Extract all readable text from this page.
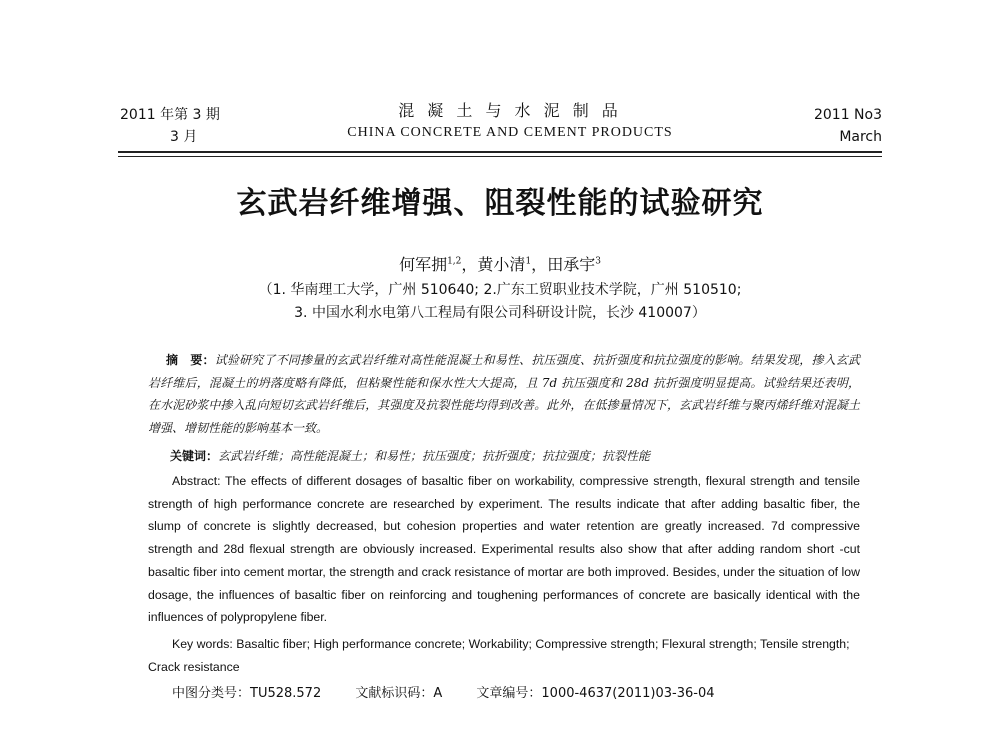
2011 年第 3 期
3 月
混 凝 土 与 水 泥 制 品
CHINA CONCRETE AND CEMENT PRODUCTS
2011 No3
March
玄武岩纤维增强、阻裂性能的试验研究
何军拥$^{1,2}$，黄小清$^1$，田承宇$^3$
（1. 华南理工大学，广州 510640; 2.广东工贸职业技术学院，广州 510510;
3. 中国水利水电第八工程局有限公司科研设计院，长沙 410007）
摘　要：试验研究了不同掺量的玄武岩纤维对高性能混凝土和易性、抗压强度、抗折强度和抗拉强度的影响。结果发现，掺入玄武岩纤维后，混凝土的坍落度略有降低，但粘聚性能和保水性大大提高，且 7d 抗压强度和 28d 抗折强度明显提高。试验结果还表明，在水泥砂浆中掺入乱向短切玄武岩纤维后，其强度及抗裂性能均得到改善。此外，在低掺量情况下，玄武岩纤维与聚丙烯纤维对混凝土增强、增韧性能的影响基本一致。
关键词：玄武岩纤维；高性能混凝土；和易性；抗压强度；抗折强度；抗拉强度；抗裂性能
Abstract: The effects of different dosages of basaltic fiber on workability, compressive strength, flexural strength and tensile strength of high performance concrete are researched by experiment. The results indicate that after adding basaltic fiber, the slump of concrete is slightly decreased, but cohesion properties and water retention are greatly increased. 7d compressive strength and 28d flexual strength are obviously increased. Experimental results also show that after adding random short -cut basaltic fiber into cement mortar, the strength and crack resistance of mortar are both improved. Besides, under the situation of low dosage, the influences of basaltic fiber on reinforcing and toughening performances of concrete are basically identical with the influences of polypropylene fiber.
Key words: Basaltic fiber; High performance concrete; Workability; Compressive strength; Flexural strength; Tensile strength; Crack resistance
中图分类号：TU528.572	文献标识码：A	文章编号：1000-4637(2011)03-36-04
